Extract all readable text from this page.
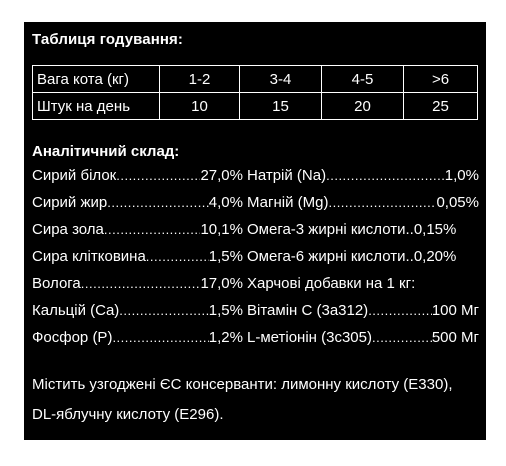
Таблиця годування:
Вага кота (кг)	1-2	3-4	4-5	>6
Штук на день	10	15	20	25
Аналітичний склад:
Сирий білок .....	27,0%
Сирий жир .....	4,0%
Сира зола .....	10,1%
Сира клітковина .....	1,5%
Волога .....	17,0%
Кальцій (Ca) .....	1,5%
Фосфор (P) .....	1,2%
Натрій (Na) .....	1,0%
Магній (Mg) .....	0,05%
Омега-3 жирні кислоти..0,15%
Омега-6 жирні кислоти..0,20%
Харчові добавки на 1 кг:
Вітамін С (3а312) .....	100 Мг
L-метіонін (3с305) .....	500 Мг
Містить узгоджені ЄС консерванти: лимонну кислоту (E330), DL-яблучну кислоту (E296).
